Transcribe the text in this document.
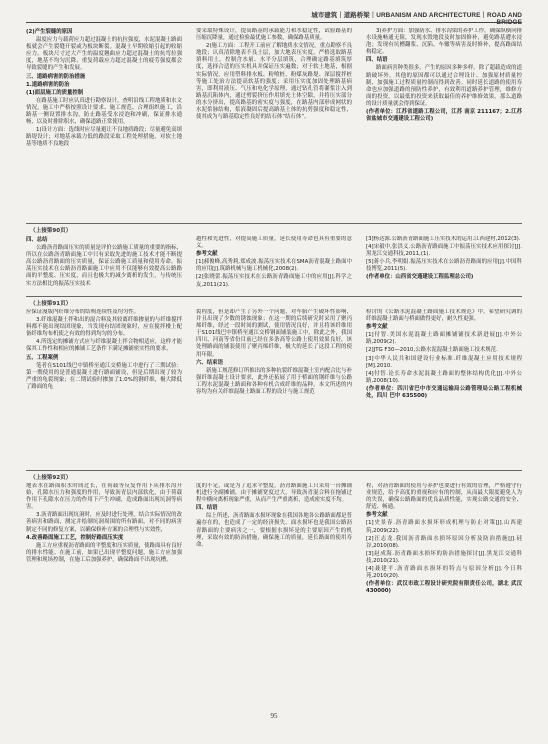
城市建筑｜道路桥梁｜URBANISM AND ARCHITECTURE｜ROAD AND

(2)产生裂缝的原因

温度应力与载荷应力超过混凝土的抗拉强度，水泥混凝土路面板就会产生裂缝开裂或为板块断裂。混凝土早期收缩引起的收缩应力，板块尺寸过大产生的温度翘曲应力超过混凝土的抗弯拉强度，地基不均匀沉降、重复荷载应力超过混凝土的疲劳强度都会导致裂缝的产生和发展。

三、道路病害的防治措施

1.道路病害的防治

(1)面层施工的质量控制

在路基施工时应认真进行勘察设计，查明沿线工程地质和水文情况，施工中严格按照设计要求、施工规范、合理组织施工，沿路基一侧设置排水沟，防止路基受水浸泡和冲刷，保证排水通畅，以及时排除积水，确保道路正常使用。

1)设计方面：选线时应尽量避让不良地质路段；尽量避免高填路堤设计；对地基承载力低的路段采取工程处理措施，对软土地基等地质不良地段

要采取特殊设计，提高路基的承载能力和水稳定性，试验路基的压缩沉降量，通过检验最优施工参数，确保路基质量。

2)施工方面：工程开工前应了解地质水文情况，重点勘察不良地段；认真清除地表不良土层，加大地表压实度，严格选取路基填料用土，控制含水量、水平分层填筑，合理确定路基填筑厚度，选择合适的压实机具并保证压实遍数；对于软土地基，根据实际情况，应用塑料排水板、粉喷桩、粉煤灰路堤、深层搅拌桩等施工处治方法提高软基的强度；采用压实度加固处理路基病害，即利用液压、气压和电化学原理，通过钻孔管将灌浆注入到路基沉陷体内，通过劈裂挤压作用填充土体空隙，并将压实部分的水分挤出，提高路基的密实度与强度，在路基内部形成网状的水泥浆脉结构，浆液凝固后提高路基土体的抗剪强度和稳定性，使其成为与路基稳定性良好的结石体“结石体”。

3)养护方面：加强防水、排水沟渠的养护工作，确保纵横向排水设施畅通无阻，发现水毁地段及时加固修补，避免路基遭水浸泡；发现有坑槽翻浆、沉陷、车辙等病害及时修补，提高路面结构稳定。

四、结语

路面病害种类很多，产生的原因多种多样。除了超载造成的道路破坏外，其他的原因都可以通过合理设计、加强原材质量控制、加强施工过程质量控制而得到改善。同时延长道路的使用寿命也应加强道路的预防性养护，有效利用道路养护管理，维修方面的投资，以最低的投资来获取最佳的养护维修效果。那么道路的设计质量就会得到保证。

(作者单位：江苏省道路工程公司，江苏 南京 211167；2.江苏省盐城市交通建设工程公司)

（上接第90页）

四、总结

公路沥青路面压实的质量是评价公路施工质量的重要的指标，所以在公路沥青路面施工中只有采取先进的施工技术才能不断提高公路沥青路面的压实质量，保证公路施工质量和使用寿命。振荡压实技术在公路沥青路面施工中应用不仅能够有效提高公路路面的平整度、压实度，而且也极大的减少离析的发生，与传统压实方法相比的振荡压实技术

越性和先进性，对提高施工质量，延长使用寿命也具有重要的意义。

参考文献

[1]郝俊峰,高秀莉,郑成波.振荡压实技术在SMA沥青混凝土路面中的应用[J].筑路机械与施工机械化,2008(2).

[2]张晓蕾.振荡压实技术在公路沥青路面施工中的应用[J].科学之友,2011(21).

[3]杨达源.公路沥青路面施工压实技术的运用.江西建材,2012(3).

[4]宋毅中,张洪义.公路沥青路面施工中振荡压实技术应用探讨[J].黑龙江交通科技,2011,(1).

[5]蒋小兵,李明娟.振荡压实技术在公路沥青路面的应用[J].中国科技博览,2011(5).

(作者单位：山西省交通建设工程监理总公司)

（上接第91页）

应保证漫版内纤维分布的结构连续性及均匀性。

3.纤维混凝土拌和出的混合料及其较离纤维掺量的与纤维搅拌料都不能出现结团现象，当发现有结团现象时，应在搅拌楼上配备纤维均布机使之有效的得到均匀的分布。

4.所选定的摊铺方式应与纤维混凝土拌合物相适应，这样才能保其工作性和相应的摊铺工艺条件下满足摊铺密实性的要求。

五、工程案例

笔者在S101线巴中镇桥至通江交桥施工中进行了三期试验：第一期使用的是普通混凝土进行路面铺设，但是后期出现了较为严重的龟裂现象；在二期试验时掺加了1.0%的钢纤维，极大降低了路面的龟

裂程度，但是却产生了另外一个问题，对车胎产生破坏性影响，并且出现了少数的锈蚀现象；在这一期的后续研究时采用了聚丙烯纤维，经过一段时间的测试，使用情况良好，并且将该纤维用于S101线巴中镇桥至通江交桥钢面铺装施工中，除此之外，我国四川、河南等省份目前已经在多条高等公路上使用效果良好，该处理路面的铺装使用了聚丙烯纤维，极大的延长了这段工程的使用年限。

六、结束语

新施工规范修订所推出的多种抗裂纤维混凝土室内配合比与补强纤维混凝土设计要求，此外还拓展了用于桥面的钢纤维与公路工程水泥混凝土路面和各种有机合成纤维的品种。本文所述的内容均为有关纤维混凝土路面工程的设计与施工规范

检讨的《公路水泥混凝土路面施工技术规范》中，希望研究调的纤维混凝土路面与桥面做得更好，耐久性更强。

参考文献

[1]付智.美国水泥混凝土路面摊铺铺技术新进展[J].中外公路,2009(2).

[2]JTG F30—2010,公路水泥混凝土路面施工技术规范.

[3]中华人民共和国建设行业标准.纤维混凝土应用技术规程[M].2010.

[4]付智.论长寿命水泥混凝土路面的整体结构优化[J].中外公路,2008(10).

(作者单位：四川省巴中市交通运输局公路管理局公路工程机械处，四川 巴中 635500)

（上接第92页）

地表水在路面积水时间过长，在荷载等反复作用下从排水沟开始，孔隙水压力和强度的作用，导致沥青层内部软化，由于荷载作用下孔隙水在压力的作用下产生冲刷，造成路面出现坑洞等病害。

3.沥青路面出现坑洞时，应及时进行处理，结合实际情况的改善病害和路面，测定并绘制坑洞周围的所有路面，对不同的病害制定不同的修复方案，以确保修补方案的合理性与实效性，

4.改善路面施工工艺，控制好路面压实度

施工方应重视沥青路面的平整度和压实质量，使路面具有良好的排水性能。在施工前，如果已出现平整度问题，施工方应加强管理和现场控制，在施工后加强养护，确保路面不出现坑槽。

度的不足，或是为了追求平整度，沥青路面施工只采用一台摊铺机进行全副摊铺，由于摊铺宽度过大，导致沥青混合料在拖铺过程中横向离析现象严重，从而产生严重离析，造成密实度不均。

四、结语

综上所述，沥青路面水损坏现象在我国各地各公路路面都是普遍存在的，也造成了一定的经济损失。面水损坏也是我国公路沥青路面的主要病害之一，要根据水损坏是的主要原因产生的机理，采取有效的防治措施，确保施工的质量，延长路面的使用寿命。

程，对沥青路面的使用与养护也要进行有效的管理，严格遵守行业规范，给予高度的重视和应有的控制，从而最大限度避免人为的失误，确保公路路面的优良品质性能，实现公路交通的安全、舒适、畅通。

参考文献

[1]史景春.沥青路面水损坏形成机理与防止对策[J].山西建筑,2009(22).

[2]汪志龙.我国沥青路面水损坏原因分析及防治措施[J].硅谷,2010(08).

[3]赵成海.沥青路面水损坏的防治措施探讨[J].黑龙江交通科技,2010(21).

[4]聂建平.沥青路面水损坏的特点与原因分析[J].今日科苑,2010(20).

(作者单位：武汉市政工程设计研究院有限责任公司，湖北 武汉 430000)

95
